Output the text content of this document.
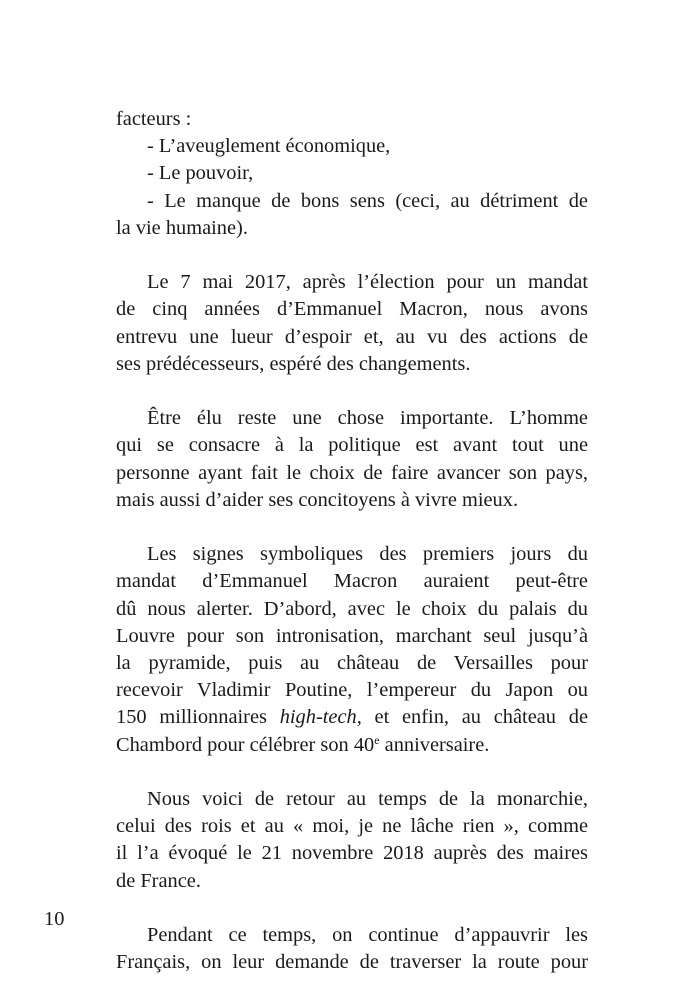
facteurs :

- L’aveuglement économique,

- Le pouvoir,

- Le manque de bons sens (ceci, au détriment de
la vie humaine).

Le 7 mai 2017, après l’élection pour un mandat
de cinq années d’Emmanuel Macron, nous avons
entrevu une lueur d’espoir et, au vu des actions de
ses prédécesseurs, espéré des changements.

Être élu reste une chose importante. L’homme
qui se consacre à la politique est avant tout une
personne ayant fait le choix de faire avancer son pays,
mais aussi d’aider ses concitoyens à vivre mieux.

Les signes symboliques des premiers jours du
mandat d’Emmanuel Macron auraient peut-être
dû nous alerter. D’abord, avec le choix du palais du
Louvre pour son intronisation, marchant seul jusqu’à
la pyramide, puis au château de Versailles pour
recevoir Vladimir Poutine, l’empereur du Japon ou
150 millionnaires high-tech, et enfin, au château de
Chambord pour célébrer son 40e anniversaire.

Nous voici de retour au temps de la monarchie,
celui des rois et au « moi, je ne lâche rien », comme
il l’a évoqué le 21 novembre 2018 auprès des maires
de France.

Pendant ce temps, on continue d’appauvrir les
Français, on leur demande de traverser la route pour

10
